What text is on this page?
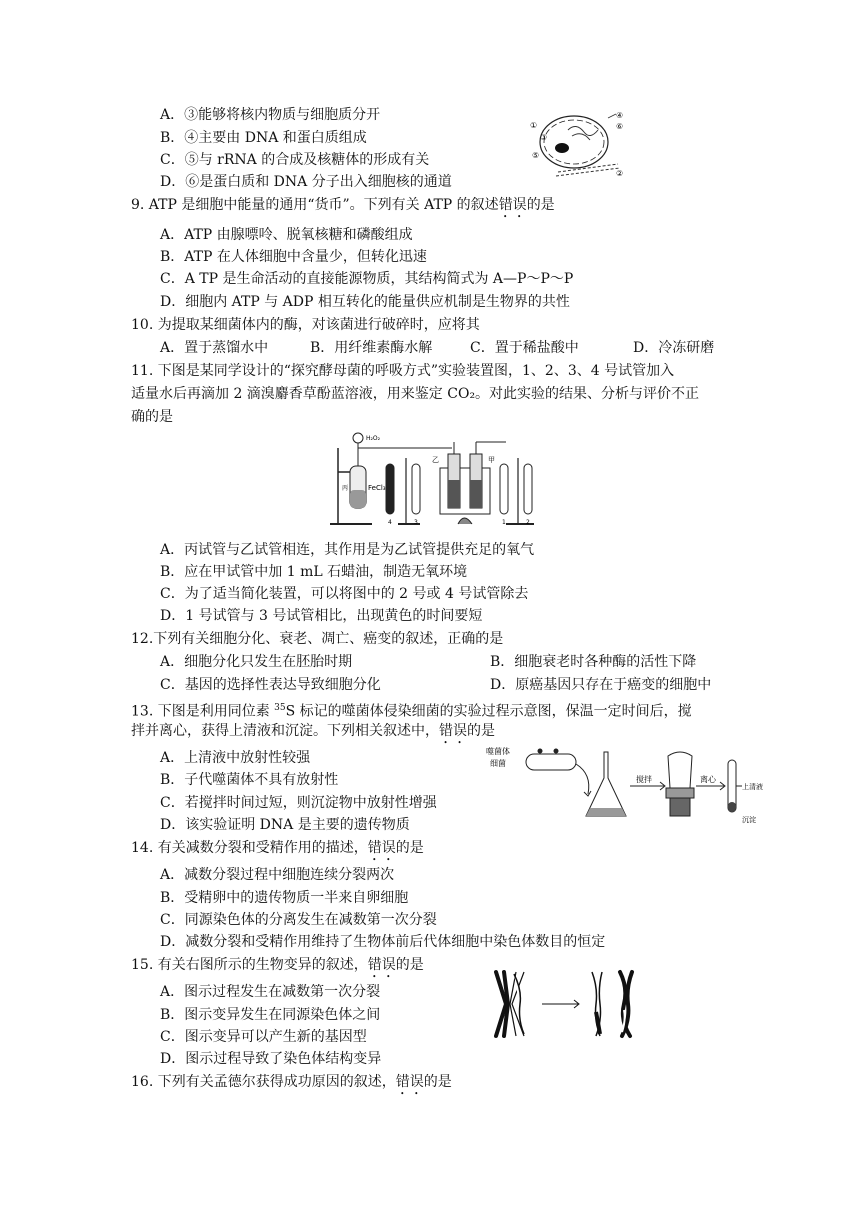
A．③能够将核内物质与细胞质分开
B．④主要由 DNA 和蛋白质组成
C．⑤与 rRNA 的合成及核糖体的形成有关
D．⑥是蛋白质和 DNA 分子出入细胞核的通道
④
⑥
①
③
⑤
②
9. ATP 是细胞中能量的通用“货币”。下列有关 ATP 的叙述错误的是
A．ATP 由腺嘌呤、脱氧核糖和磷酸组成
B．ATP 在人体细胞中含量少，但转化迅速
C．A TP 是生命活动的直接能源物质，其结构简式为 A—P～P～P
D．细胞内 ATP 与 ADP 相互转化的能量供应机制是生物界的共性
10. 为提取某细菌体内的酶，对该菌进行破碎时，应将其
A．置于蒸馏水中	B．用纤维素酶水解	C．置于稀盐酸中	D．冷冻研磨
11. 下图是某同学设计的“探究酵母菌的呼吸方式”实验装置图，1、2、3、4 号试管加入
适量水后再滴加 2 滴溴麝香草酚蓝溶液，用来鉴定 CO₂。对此实验的结果、分析与评价不正
确的是
H₂O₂
FeCl₃
丙
4	3
乙	甲
1	2
A．丙试管与乙试管相连，其作用是为乙试管提供充足的氧气
B．应在甲试管中加 1 mL 石蜡油，制造无氧环境
C．为了适当简化装置，可以将图中的 2 号或 4 号试管除去
D．1 号试管与 3 号试管相比，出现黄色的时间要短
12.下列有关细胞分化、衰老、凋亡、癌变的叙述，正确的是
A．细胞分化只发生在胚胎时期	B．细胞衰老时各种酶的活性下降
C．基因的选择性表达导致细胞分化	D．原癌基因只存在于癌变的细胞中
13. 下图是利用同位素 $^{35}$S 标记的噬菌体侵染细菌的实验过程示意图，保温一定时间后，搅
拌并离心，获得上清液和沉淀。下列相关叙述中，错误的是
A．上清液中放射性较强
B．子代噬菌体不具有放射性
C．若搅拌时间过短，则沉淀物中放射性增强
D．该实验证明 DNA 是主要的遗传物质
噬菌体
细菌
搅拌	离心
上清液
沉淀
14. 有关减数分裂和受精作用的描述，错误的是
A．减数分裂过程中细胞连续分裂两次
B．受精卵中的遗传物质一半来自卵细胞
C．同源染色体的分离发生在减数第一次分裂
D．减数分裂和受精作用维持了生物体前后代体细胞中染色体数目的恒定
15. 有关右图所示的生物变异的叙述，错误的是
A．图示过程发生在减数第一次分裂
B．图示变异发生在同源染色体之间
C．图示变异可以产生新的基因型
D．图示过程导致了染色体结构变异
16. 下列有关孟德尔获得成功原因的叙述，错误的是
